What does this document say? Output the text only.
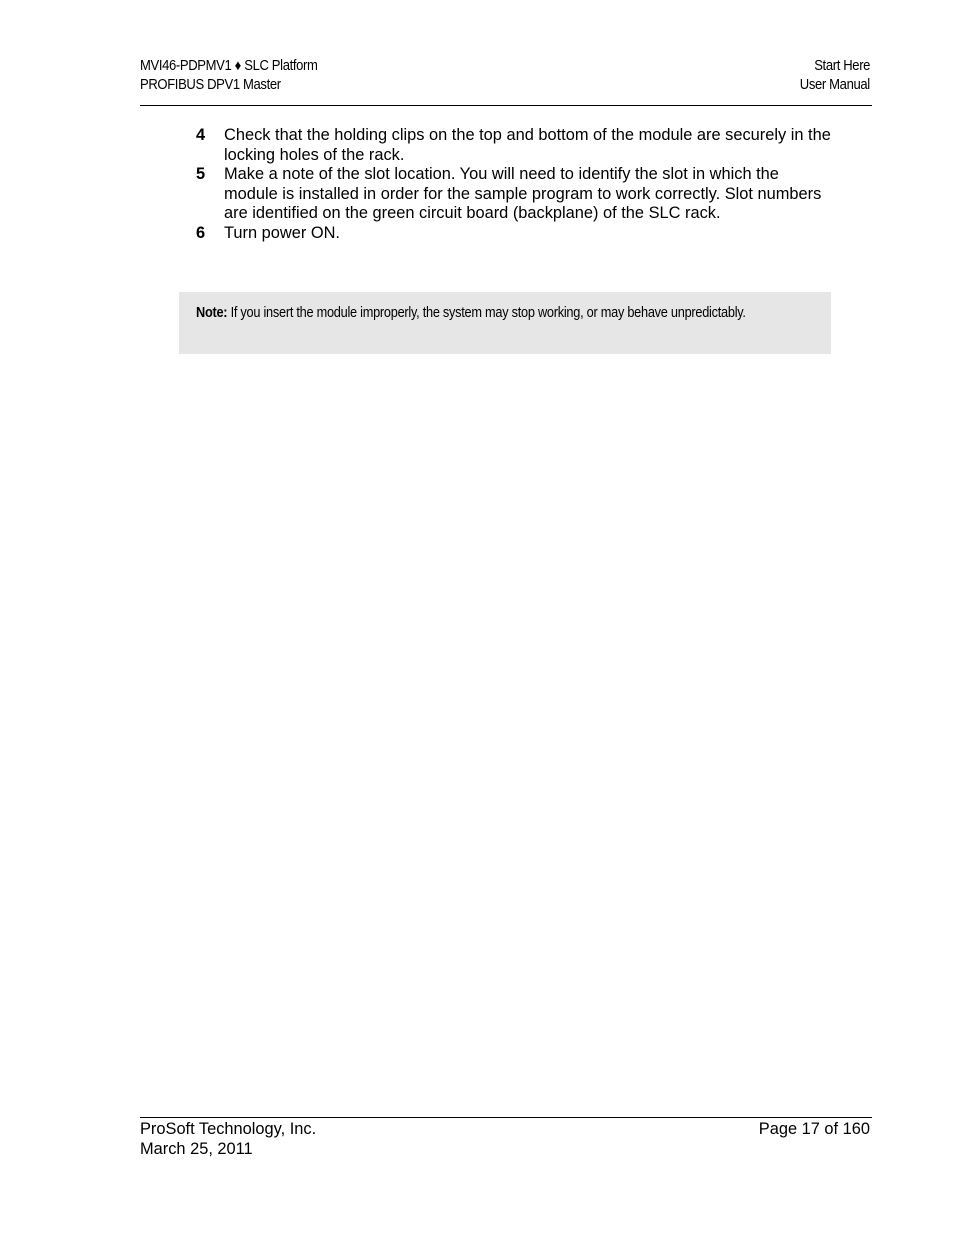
MVI46-PDPMV1 ♦ SLC Platform
PROFIBUS DPV1 Master
Start Here
User Manual
4	Check that the holding clips on the top and bottom of the module are securely in the locking holes of the rack.
5	Make a note of the slot location. You will need to identify the slot in which the module is installed in order for the sample program to work correctly. Slot numbers are identified on the green circuit board (backplane) of the SLC rack.
6	Turn power ON.
Note: If you insert the module improperly, the system may stop working, or may behave unpredictably.
ProSoft Technology, Inc.
March 25, 2011
Page 17 of 160
